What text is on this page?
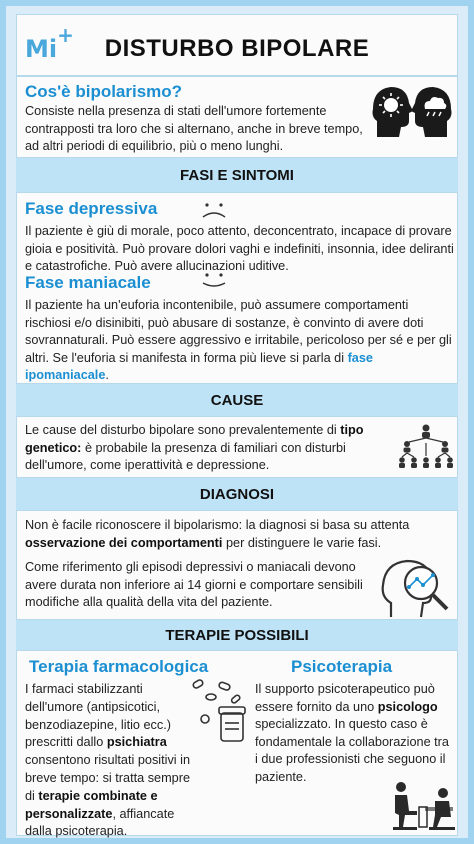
Mi+	DISTURBO BIPOLARE
Cos'è bipolarismo?
Consiste nella presenza di stati dell'umore fortemente contrapposti tra loro che si alternano, anche in breve tempo, ad altri periodi di equilibrio, più o meno lunghi.
FASI E SINTOMI
Fase depressiva
Il paziente è giù di morale, poco attento, deconcentrato, incapace di provare gioia e positività. Può provare dolori vaghi e indefiniti, insonnia, idee deliranti e catastrofiche. Può avere allucinazioni uditive.
Fase maniacale
Il paziente ha un'euforia incontenibile, può assumere comportamenti rischiosi e/o disinibiti, può abusare di sostanze, è convinto di avere doti sovrannaturali. Può essere aggressivo e irritabile, pericoloso per sé e per gli altri. Se l'euforia si manifesta in forma più lieve si parla di fase ipomaniacale.
CAUSE
Le cause del disturbo bipolare sono prevalentemente di tipo genetico: è probabile la presenza di familiari con disturbi dell'umore, come iperattività e depressione.
DIAGNOSI
Non è facile riconoscere il bipolarismo: la diagnosi si basa su attenta osservazione dei comportamenti per distinguere le varie fasi.
Come riferimento gli episodi depressivi o maniacali devono avere durata non inferiore ai 14 giorni e comportare sensibili modifiche alla qualità della vita del paziente.
TERAPIE POSSIBILI
Terapia farmacologica
I farmaci stabilizzanti dell'umore (antipsicotici, benzodiazepine, litio ecc.) prescritti dallo psichiatra consentono risultati positivi in breve tempo: si tratta sempre di terapie combinate e personalizzate, affiancate dalla psicoterapia.
Psicoterapia
Il supporto psicoterapeutico può essere fornito da uno psicologo specializzato. In questo caso è fondamentale la collaborazione tra i due professionisti che seguono il paziente.
